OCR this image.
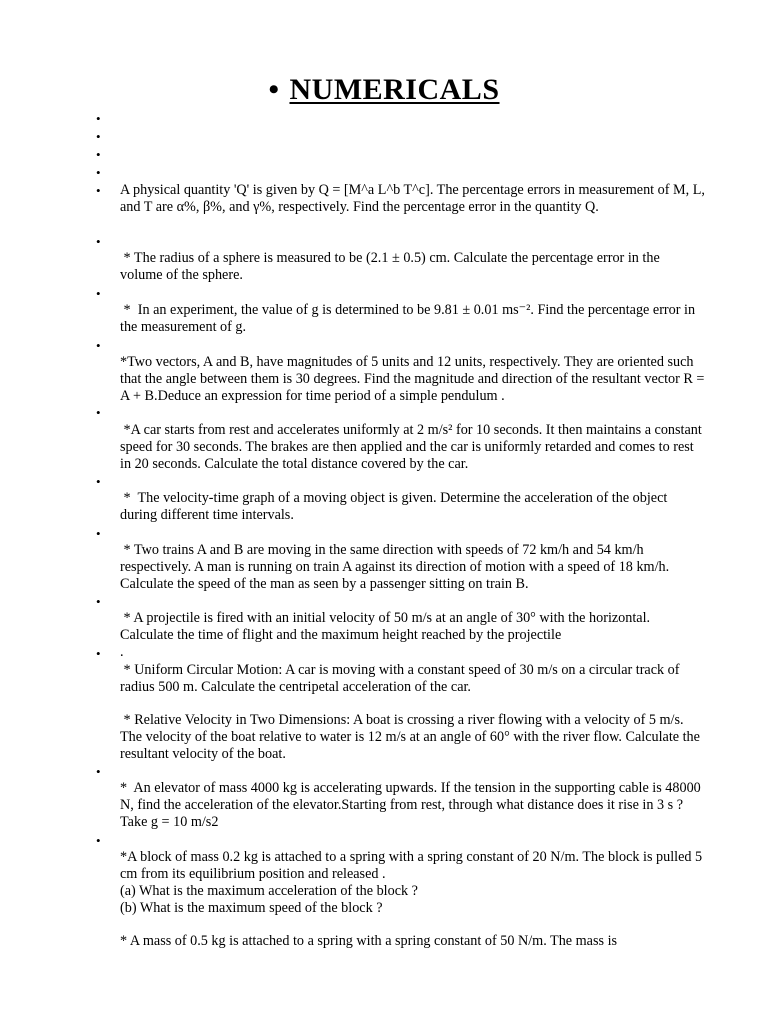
• NUMERICALS
•
•
•
•
•
•
•
•
•
•
•
•
•
•
•

A physical quantity 'Q' is given by Q = [M^a L^b T^c]. The percentage errors in measurement of M, L, and T are α%, β%, and γ%, respectively. Find the percentage error in the quantity Q.

* The radius of a sphere is measured to be (2.1 ± 0.5) cm. Calculate the percentage error in the volume of the sphere.

*  In an experiment, the value of g is determined to be 9.81 ± 0.01 ms⁻². Find the percentage error in the measurement of g.

*Two vectors, A and B, have magnitudes of 5 units and 12 units, respectively. They are oriented such that the angle between them is 30 degrees. Find the magnitude and direction of the resultant vector R = A + B.Deduce an expression for time period of a simple pendulum .

*A car starts from rest and accelerates uniformly at 2 m/s² for 10 seconds. It then maintains a constant speed for 30 seconds. The brakes are then applied and the car is uniformly retarded and comes to rest in 20 seconds. Calculate the total distance covered by the car.

*  The velocity-time graph of a moving object is given. Determine the acceleration of the object during different time intervals.

* Two trains A and B are moving in the same direction with speeds of 72 km/h and 54 km/h respectively. A man is running on train A against its direction of motion with a speed of 18 km/h. Calculate the speed of the man as seen by a passenger sitting on train B.

* A projectile is fired with an initial velocity of 50 m/s at an angle of 30° with the horizontal. Calculate the time of flight and the maximum height reached by the projectile

.

* Uniform Circular Motion: A car is moving with a constant speed of 30 m/s on a circular track of radius 500 m. Calculate the centripetal acceleration of the car.

* Relative Velocity in Two Dimensions: A boat is crossing a river flowing with a velocity of 5 m/s. The velocity of the boat relative to water is 12 m/s at an angle of 60° with the river flow. Calculate the resultant velocity of the boat.

*  An elevator of mass 4000 kg is accelerating upwards. If the tension in the supporting cable is 48000 N, find the acceleration of the elevator.Starting from rest, through what distance does it rise in 3 s ? Take g = 10 m/s2

*A block of mass 0.2 kg is attached to a spring with a spring constant of 20 N/m. The block is pulled 5 cm from its equilibrium position and released .

(a) What is the maximum acceleration of the block ?

(b) What is the maximum speed of the block ?

* A mass of 0.5 kg is attached to a spring with a spring constant of 50 N/m. The mass is
